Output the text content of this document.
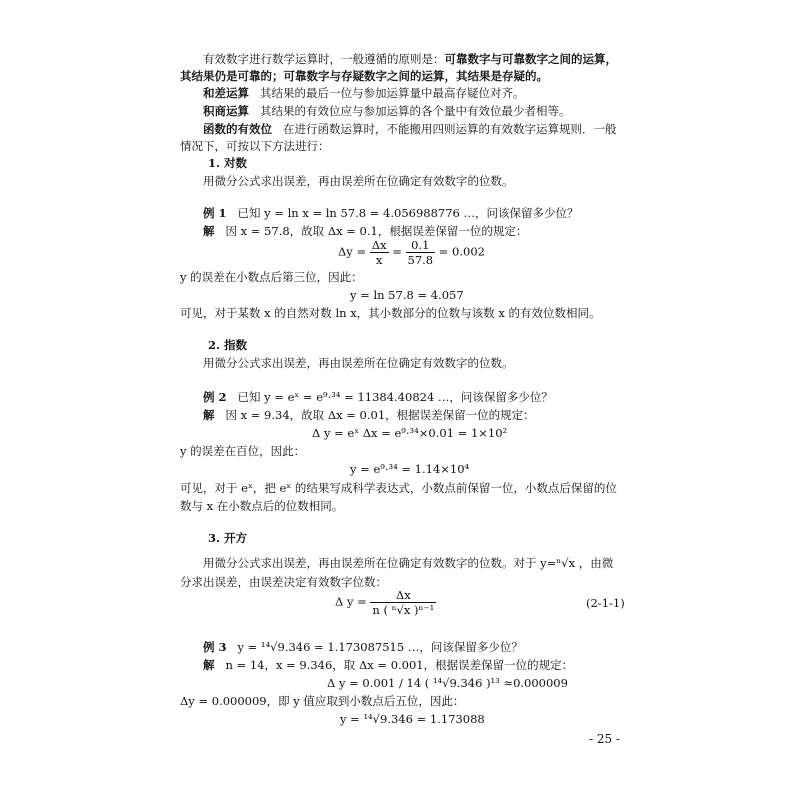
有效数字进行数学运算时，一般遵循的原则是：可靠数字与可靠数字之间的运算，
其结果仍是可靠的；可靠数字与存疑数字之间的运算，其结果是存疑的。
和差运算 其结果的最后一位与参加运算量中最高存疑位对齐。
积商运算 其结果的有效位应与参加运算的各个量中有效位最少者相等。
函数的有效位 在进行函数运算时，不能搬用四则运算的有效数字运算规则．一般
情况下，可按以下方法进行：
1. 对数
用微分公式求出误差，再由误差所在位确定有效数字的位数。
例 1 已知 y = ln x = ln 57.8 = 4.056988776 …，问该保留多少位？
解 因 x = 57.8，故取 Δx = 0.1，根据误差保留一位的规定：
$\Delta y = \frac{\Delta x}{x} = \frac{0.1}{57.8} = 0.002$
y 的误差在小数点后第三位，因此：
y = ln 57.8 = 4.057
可见，对于某数 x 的自然对数 ln x，其小数部分的位数与该数 x 的有效位数相同。
2. 指数
用微分公式求出误差，再由误差所在位确定有效数字的位数。
例 2 已知 y = eˣ = e⁹·³⁴ = 11384.40824 …，问该保留多少位？
解 因 x = 9.34，故取 Δx = 0.01，根据误差保留一位的规定：
Δ y = eˣ Δx = e⁹·³⁴×0.01 = 1×10²
y 的误差在百位，因此：
y = e⁹·³⁴ = 1.14×10⁴
可见，对于 eˣ，把 eˣ 的结果写成科学表达式，小数点前保留一位，小数点后保留的位
数与 x 在小数点后的位数相同。
3. 开方
用微分公式求出误差，再由误差所在位确定有效数字的位数。对于 y=ⁿ√x ，由微
分求出误差，由误差决定有效数字位数：
Δ $y = \frac{\Delta x}{\text{n ( ⁿ√x )ⁿ⁻¹}}$	(2-1-1)
例 3 y = ¹⁴√9.346 = 1.173087515 …，问该保留多少位？
解 n = 14，x = 9.346，取 Δx = 0.001，根据误差保留一位的规定：
Δ y = 0.001 / 14 ( ¹⁴√9.346 )¹³ ≈0.000009
Δy = 0.000009，即 y 值应取到小数点后五位，因此：
y = ¹⁴√9.346 = 1.173088
- 25 -
